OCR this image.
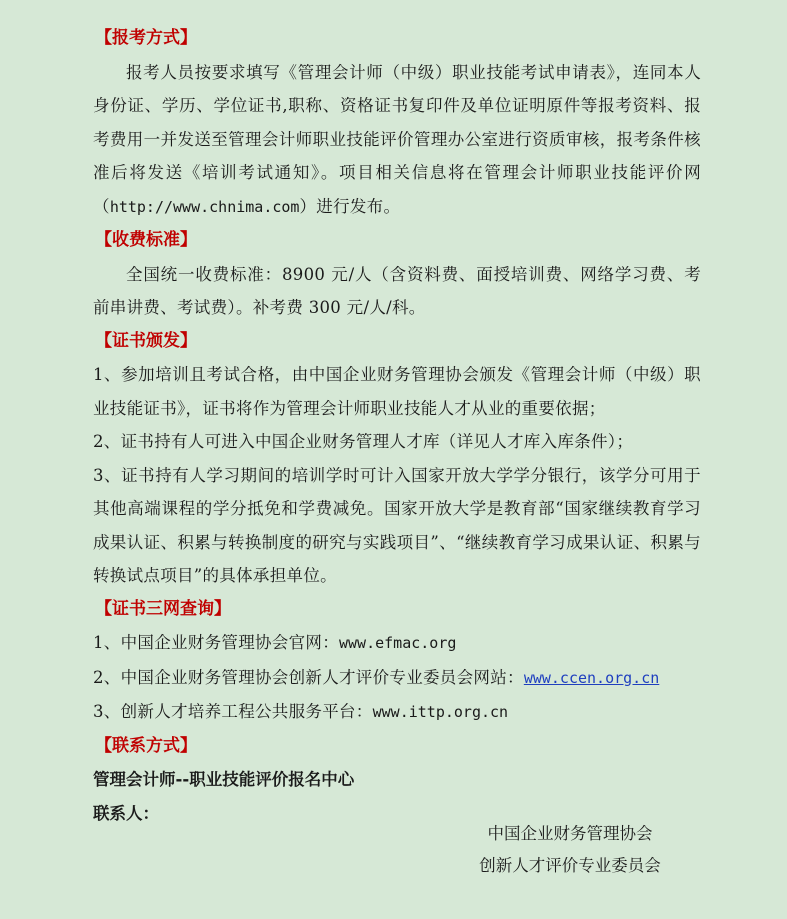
【报考方式】

报考人员按要求填写《管理会计师（中级）职业技能考试申请表》，连同本人身份证、学历、学位证书,职称、资格证书复印件及单位证明原件等报考资料、报考费用一并发送至管理会计师职业技能评价管理办公室进行资质审核，报考条件核准后将发送《培训考试通知》。项目相关信息将在管理会计师职业技能评价网（http://www.chnima.com）进行发布。

【收费标准】

全国统一收费标准：8900 元/人（含资料费、面授培训费、网络学习费、考前串讲费、考试费）。补考费 300 元/人/科。

【证书颁发】

1、参加培训且考试合格，由中国企业财务管理协会颁发《管理会计师（中级）职业技能证书》，证书将作为管理会计师职业技能人才从业的重要依据；

2、证书持有人可进入中国企业财务管理人才库（详见人才库入库条件）；

3、证书持有人学习期间的培训学时可计入国家开放大学学分银行，该学分可用于其他高端课程的学分抵免和学费减免。国家开放大学是教育部“国家继续教育学习成果认证、积累与转换制度的研究与实践项目”、“继续教育学习成果认证、积累与转换试点项目”的具体承担单位。

【证书三网查询】

1、中国企业财务管理协会官网：www.efmac.org

2、中国企业财务管理协会创新人才评价专业委员会网站：www.ccen.org.cn

3、创新人才培养工程公共服务平台：www.ittp.org.cn

【联系方式】

管理会计师--职业技能评价报名中心

联系人：

中国企业财务管理协会
创新人才评价专业委员会
